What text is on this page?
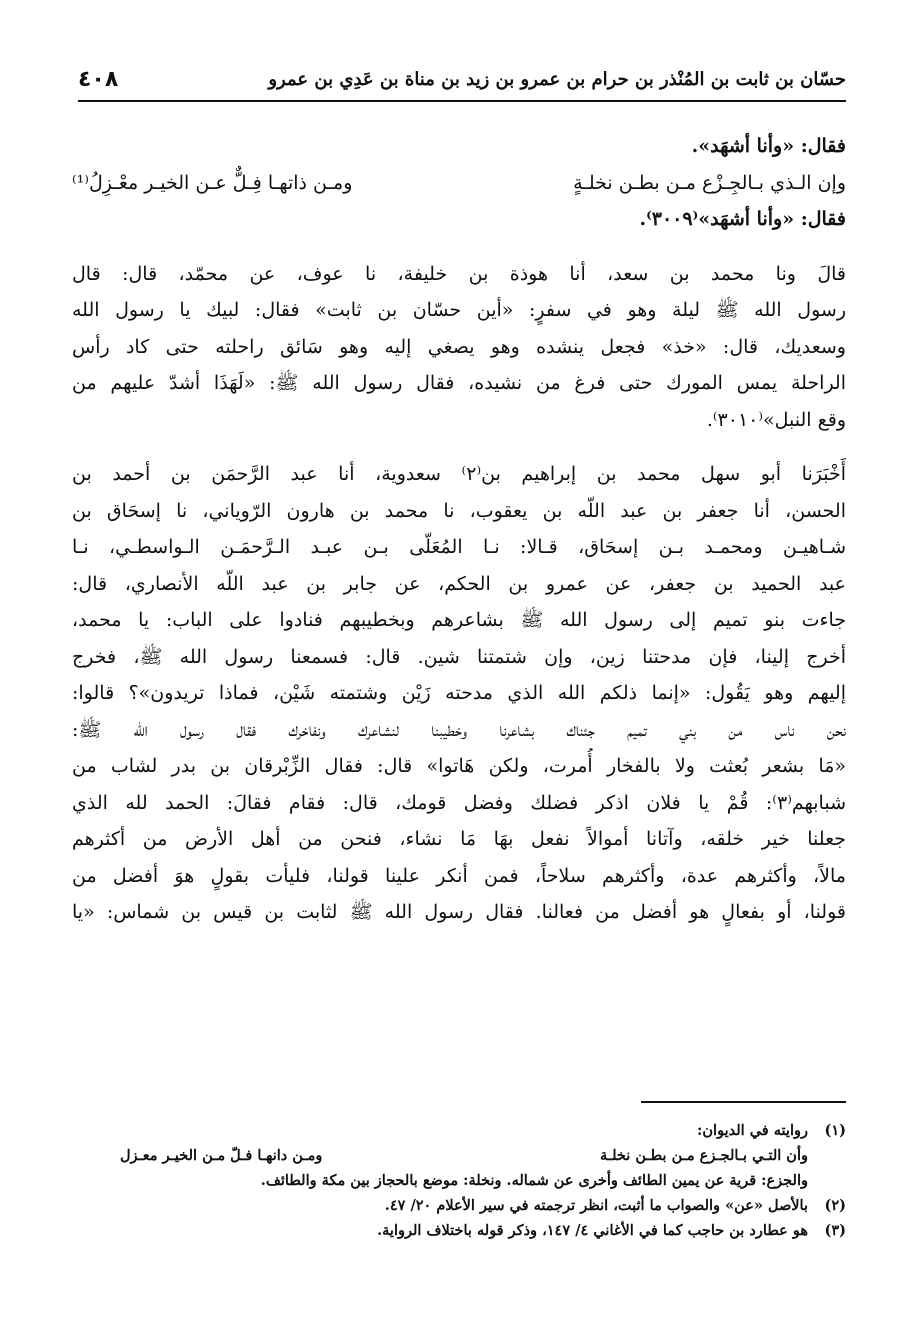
حسّان بن ثابت بن المُنْذر بن حرام بن عمرو بن زيد بن مناة بن عَدِي بن عمرو
٤٠٨

فقال: «وأنا أشهَد».

وإن الـذي بـالجِـزْع مـن بطـن نخلـةٍ
ومـن ذاتهـا فِـلٌّ عـن الخيـر معْـزِلُ⁽¹⁾

فقال: «وأنا أشهَد»⁽٣٠٠٩⁾.

قالَ ونا محمد بن سعد، أنا هوذة بن خليفة، نا عوف، عن محمّد، قال: قال
رسول الله ﷺ ليلة وهو في سفرٍ: «أين حسّان بن ثابت» فقال: لبيك يا رسول الله
وسعديك، قال: «خذ» فجعل ينشده وهو يصغي إليه وهو سَائق راحلته حتى كاد رأس
الراحلة يمس المورك حتى فرغ من نشيده، فقال رسول الله ﷺ: «لَهَذَا أشدّ عليهم من
وقع النبل»⁽٣٠١٠⁾.
أَخْبَرَنا أبو سهل محمد بن إبراهيم بن⁽٢⁾ سعدوية، أنا عبد الرَّحمَن بن أحمد بن
الحسن، أنا جعفر بن عبد اللّه بن يعقوب، نا محمد بن هارون الرّوياني، نا إسحَاق بن
شـاهيـن ومحمـد بـن إسحَاق، قـالا: نـا المُعَلّى بـن عبـد الـرَّحمَـن الـواسطـي، نـا
عبد الحميد بن جعفر، عن عمرو بن الحكم، عن جابر بن عبد اللّه الأنصاري، قال:
جاءت بنو تميم إلى رسول الله ﷺ بشاعرهم وبخطيبهم فنادوا على الباب: يا محمد،
أخرج إلينا، فإن مدحتنا زين، وإن شتمتنا شين. قال: فسمعنا رسول الله ﷺ، فخرج
إليهم وهو يَقُول: «إنما ذلكم الله الذي مدحته زَيْن وشتمته شَيْن، فماذا تريدون»؟ قالوا:
نحن ناس من بني تميم جئناك بشاعرنا وخطيبنا لنشاعرك ونفاخرك فقال رسول الله ﷺ:
«مَا بشعر بُعثت ولا بالفخار أُمرت، ولكن هَاتوا» قال: فقال الزِّبْرقان بن بدر لشاب من
شبابهم⁽٣⁾: قُمْ يا فلان اذكر فضلك وفضل قومك، قال: فقام فقالَ: الحمد لله الذي
جعلنا خير خلقه، وآتانا أموالاً نفعل بهَا مَا نشاء، فنحن من أهل الأرض من أكثرهم
مالاً، وأكثرهم عدة، وأكثرهم سلاحاً، فمن أنكر علينا قولنا، فليأت بقولٍ هوَ أفضل من
قولنا، أو بفعالٍ هو أفضل من فعالنا. فقال رسول الله ﷺ لثابت بن قيس بن شماس: «يا
(١)
روايته في الديوان:
وأن التـي بـالجـزع مـن بطـن نخلـة
ومـن دانهـا فـلّ مـن الخيـر معـزل
والجزع: قرية عن يمين الطائف وأخرى عن شماله. ونخلة: موضع بالحجاز بين مكة والطائف.
(٢)
بالأصل «عن» والصواب ما أثبت، انظر ترجمته في سير الأعلام ٢٠/ ٤٧.
(٣)
هو عطارد بن حاجب كما في الأغاني ٤/ ١٤٧، وذكر قوله باختلاف الرواية.
